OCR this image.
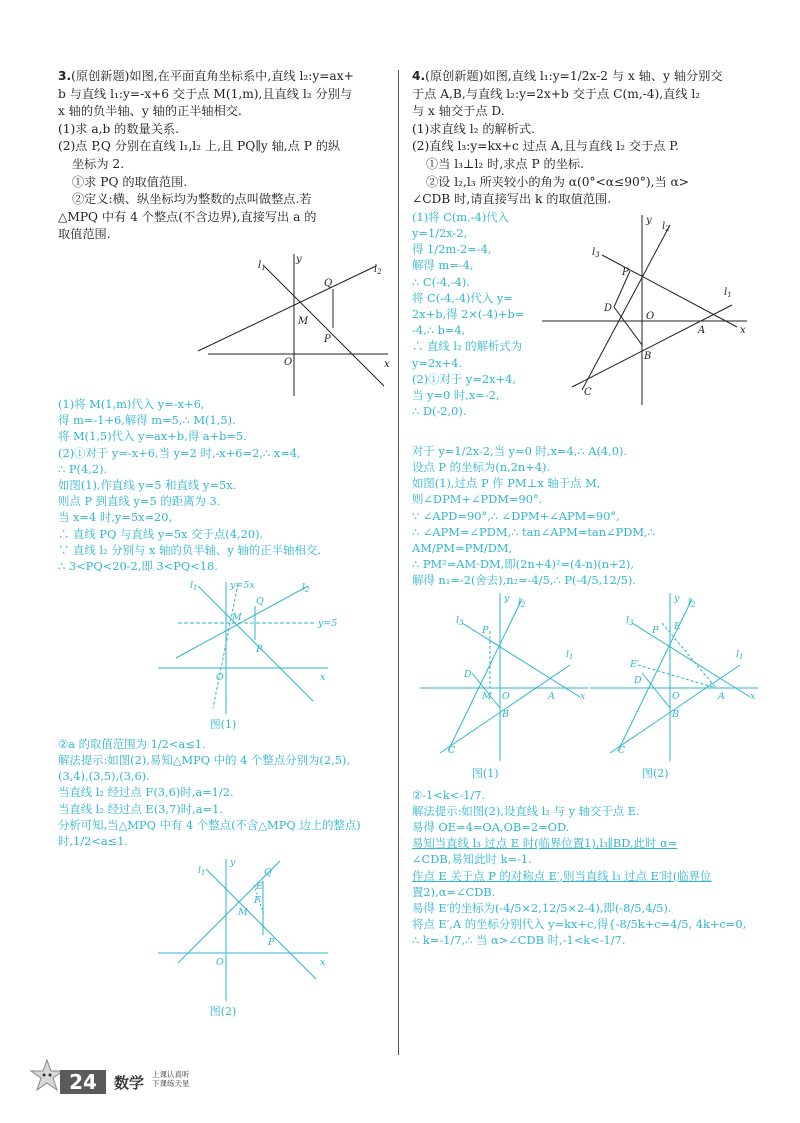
3.(原创新题)如图,在平面直角坐标系中,直线 l₂:y=ax+

b 与直线 l₁:y=-x+6 交于点 M(1,m),且直线 l₂ 分别与

x 轴的负半轴、y 轴的正半轴相交.

(1)求 a,b 的数量关系.

(2)点 P,Q 分别在直线 l₁,l₂ 上,且 PQ∥y 轴,点 P 的纵

坐标为 2.

①求 PQ 的取值范围.

②定义:横、纵坐标均为整数的点叫做整点.若

△MPQ 中有 4 个整点(不含边界),直接写出 a 的

取值范围.

$l_1$	$l_2$
y
x
O
M
Q
P

(1)将 M(1,m)代入 y=-x+6,

得 m=-1+6,解得 m=5,∴ M(1,5).

将 M(1,5)代入 y=ax+b,得 a+b=5.

(2)①对于 y=-x+6,当 y=2 时,-x+6=2,∴ x=4,

∴ P(4,2).

如图(1),作直线 y=5 和直线 y=5x.

则点 P 到直线 y=5 的距离为 3.

当 x=4 时,y=5x=20,

∴ 直线 PQ 与直线 y=5x 交于点(4,20).

∵ 直线 l₂ 分别与 x 轴的负半轴、y 轴的正半轴相交,

∴ 3<PQ<20-2,即 3<PQ<18.

$l_1$	$l_2$
y=5x
y=5
x
O
M
Q
P

图(1)

②a 的取值范围为 1/2<a≤1.

解法提示:如图(2),易知△MPQ 中的 4 个整点分别为(2,5),

(3,4),(3,5),(3,6).

当直线 l₂ 经过点 F(3,6)时,a=1/2.

当直线 l₂ 经过点 E(3,7)时,a=1.

分析可知,当△MPQ 中有 4 个整点(不含△MPQ 边上的整点)

时,1/2<a≤1.

$l_1$
y
x
O
M
E
Q
F
P

图(2)

4.(原创新题)如图,直线 l₁:y=1/2x-2 与 x 轴、y 轴分别交

于点 A,B,与直线 l₂:y=2x+b 交于点 C(m,-4),直线 l₂

与 x 轴交于点 D.

(1)求直线 l₂ 的解析式.

(2)直线 l₃:y=kx+c 过点 A,且与直线 l₂ 交于点 P.

①当 l₃⊥l₂ 时,求点 P 的坐标.

②设 l₂,l₃ 所夹较小的角为 α(0°<α≤90°),当 α>

∠CDB 时,请直接写出 k 的取值范围.

(1)将 C(m,-4)代入

y=1/2x-2,

得 1/2m-2=-4,

解得 m=-4,

∴ C(-4,-4).

将 C(-4,-4)代入 y=

2x+b,得 2×(-4)+b=

-4,∴ b=4,

∴ 直线 l₂ 的解析式为

y=2x+4.

(2)①对于 y=2x+4,

当 y=0 时,x=-2,

∴ D(-2,0).

y
$l_2$
$l_3$
$l_1$
P
D
O
A
B
C
x

对于 y=1/2x-2,当 y=0 时,x=4,∴ A(4,0).

设点 P 的坐标为(n,2n+4).

如图(1),过点 P 作 PM⊥x 轴于点 M,

则∠DPM+∠PDM=90°.

∵ ∠APD=90°,∴ ∠DPM+∠APM=90°,

∴ ∠APM=∠PDM,∴ tan∠APM=tan∠PDM,∴ AM/PM=PM/DM,

∴ PM²=AM·DM,即(2n+4)²=(4-n)(n+2),

解得 n₁=-2(舍去),n₂=-4/5,∴ P(-4/5,12/5).

y $l_2$
$l_3$
$l_1$
P
D
M O	A
B
C
x
y $l_2$
$l_3$
$l_1$
E
P
E′
D
O	A
B
C
x

图(1)	图(2)

②-1<k<-1/7.

解法提示:如图(2),设直线 l₂ 与 y 轴交于点 E.

易得 OE=4=OA,OB=2=OD.

易知当直线 l₃ 过点 E 时(临界位置1),l₃∥BD,此时 α=

∠CDB,易知此时 k=-1.

作点 E 关于点 P 的对称点 E′,则当直线 l₃ 过点 E′时(临界位

置2),α=∠CDB.

易得 E′的坐标为(-4/5×2,12/5×2-4),即(-8/5,4/5).

将点 E′,A 的坐标分别代入 y=kx+c,得{-8/5k+c=4/5, 4k+c=0,

∴ k=-1/7,∴ 当 α>∠CDB 时,-1<k<-1/7.

24	数学 上课认真听
下课练天星
